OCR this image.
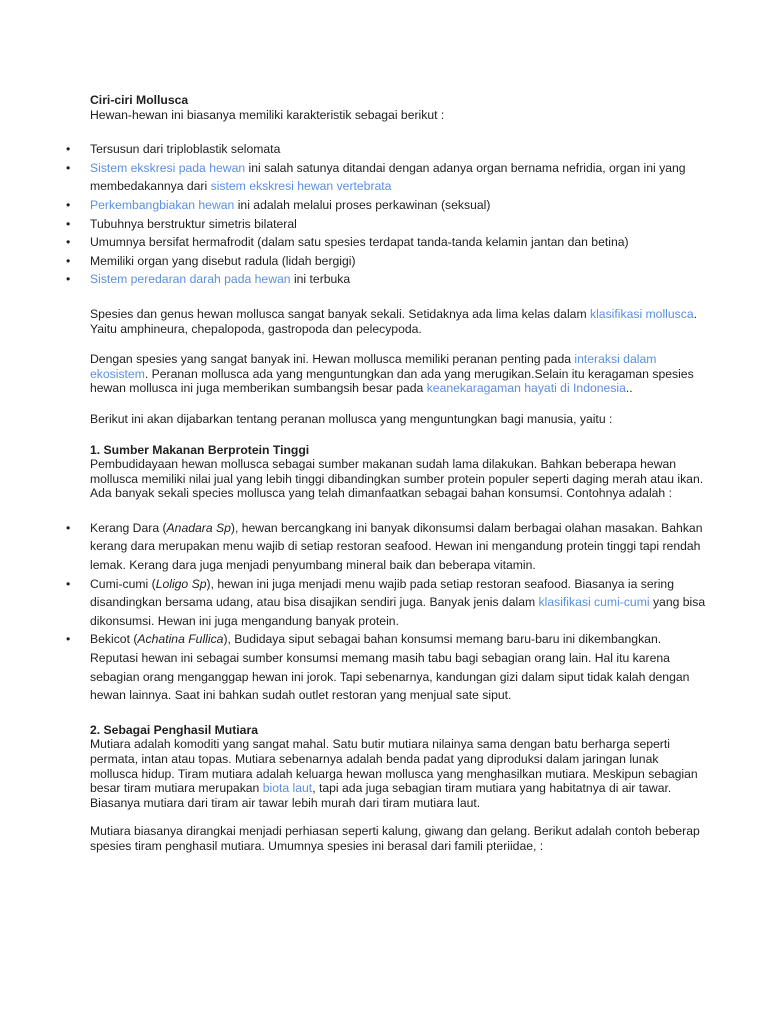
Ciri-ciri Mollusca
Hewan-hewan ini biasanya memiliki karakteristik sebagai berikut :
• Tersusun dari triploblastik selomata
• Sistem ekskresi pada hewan ini salah satunya ditandai dengan adanya organ bernama nefridia, organ ini yang membedakannya dari sistem ekskresi hewan vertebrata
• Perkembangbiakan hewan ini adalah melalui proses perkawinan (seksual)
• Tubuhnya berstruktur simetris bilateral
• Umumnya bersifat hermafrodit (dalam satu spesies terdapat tanda-tanda kelamin jantan dan betina)
• Memiliki organ yang disebut radula (lidah bergigi)
• Sistem peredaran darah pada hewan ini terbuka

Spesies dan genus hewan mollusca sangat banyak sekali. Setidaknya ada lima kelas dalam klasifikasi mollusca. Yaitu amphineura, chepalopoda, gastropoda dan pelecypoda.

Dengan spesies yang sangat banyak ini. Hewan mollusca memiliki peranan penting pada interaksi dalam ekosistem. Peranan mollusca ada yang menguntungkan dan ada yang merugikan.Selain itu keragaman spesies hewan mollusca ini juga memberikan sumbangsih besar pada keanekaragaman hayati di Indonesia..

Berikut ini akan dijabarkan tentang peranan mollusca yang menguntungkan bagi manusia, yaitu :

1. Sumber Makanan Berprotein Tinggi
Pembudidayaan hewan mollusca sebagai sumber makanan sudah lama dilakukan. Bahkan beberapa hewan mollusca memiliki nilai jual yang lebih tinggi dibandingkan sumber protein populer seperti daging merah atau ikan. Ada banyak sekali species mollusca yang telah dimanfaatkan sebagai bahan konsumsi. Contohnya adalah :
• Kerang Dara (Anadara Sp), hewan bercangkang ini banyak dikonsumsi dalam berbagai olahan masakan. Bahkan kerang dara merupakan menu wajib di setiap restoran seafood. Hewan ini mengandung protein tinggi tapi rendah lemak. Kerang dara juga menjadi penyumbang mineral baik dan beberapa vitamin.
• Cumi-cumi (Loligo Sp), hewan ini juga menjadi menu wajib pada setiap restoran seafood. Biasanya ia sering disandingkan bersama udang, atau bisa disajikan sendiri juga. Banyak jenis dalam klasifikasi cumi-cumi yang bisa dikonsumsi. Hewan ini juga mengandung banyak protein.
• Bekicot (Achatina Fullica), Budidaya siput sebagai bahan konsumsi memang baru-baru ini dikembangkan. Reputasi hewan ini sebagai sumber konsumsi memang masih tabu bagi sebagian orang lain. Hal itu karena sebagian orang menganggap hewan ini jorok. Tapi sebenarnya, kandungan gizi dalam siput tidak kalah dengan hewan lainnya. Saat ini bahkan sudah outlet restoran yang menjual sate siput.
2. Sebagai Penghasil Mutiara
Mutiara adalah komoditi yang sangat mahal. Satu butir mutiara nilainya sama dengan batu berharga seperti permata, intan atau topas. Mutiara sebenarnya adalah benda padat yang diproduksi dalam jaringan lunak mollusca hidup. Tiram mutiara adalah keluarga hewan mollusca yang menghasilkan mutiara. Meskipun sebagian besar tiram mutiara merupakan biota laut, tapi ada juga sebagian tiram mutiara yang habitatnya di air tawar. Biasanya mutiara dari tiram air tawar lebih murah dari tiram mutiara laut.

Mutiara biasanya dirangkai menjadi perhiasan seperti kalung, giwang dan gelang. Berikut adalah contoh beberap spesies tiram penghasil mutiara. Umumnya spesies ini berasal dari famili pteriidae, :
